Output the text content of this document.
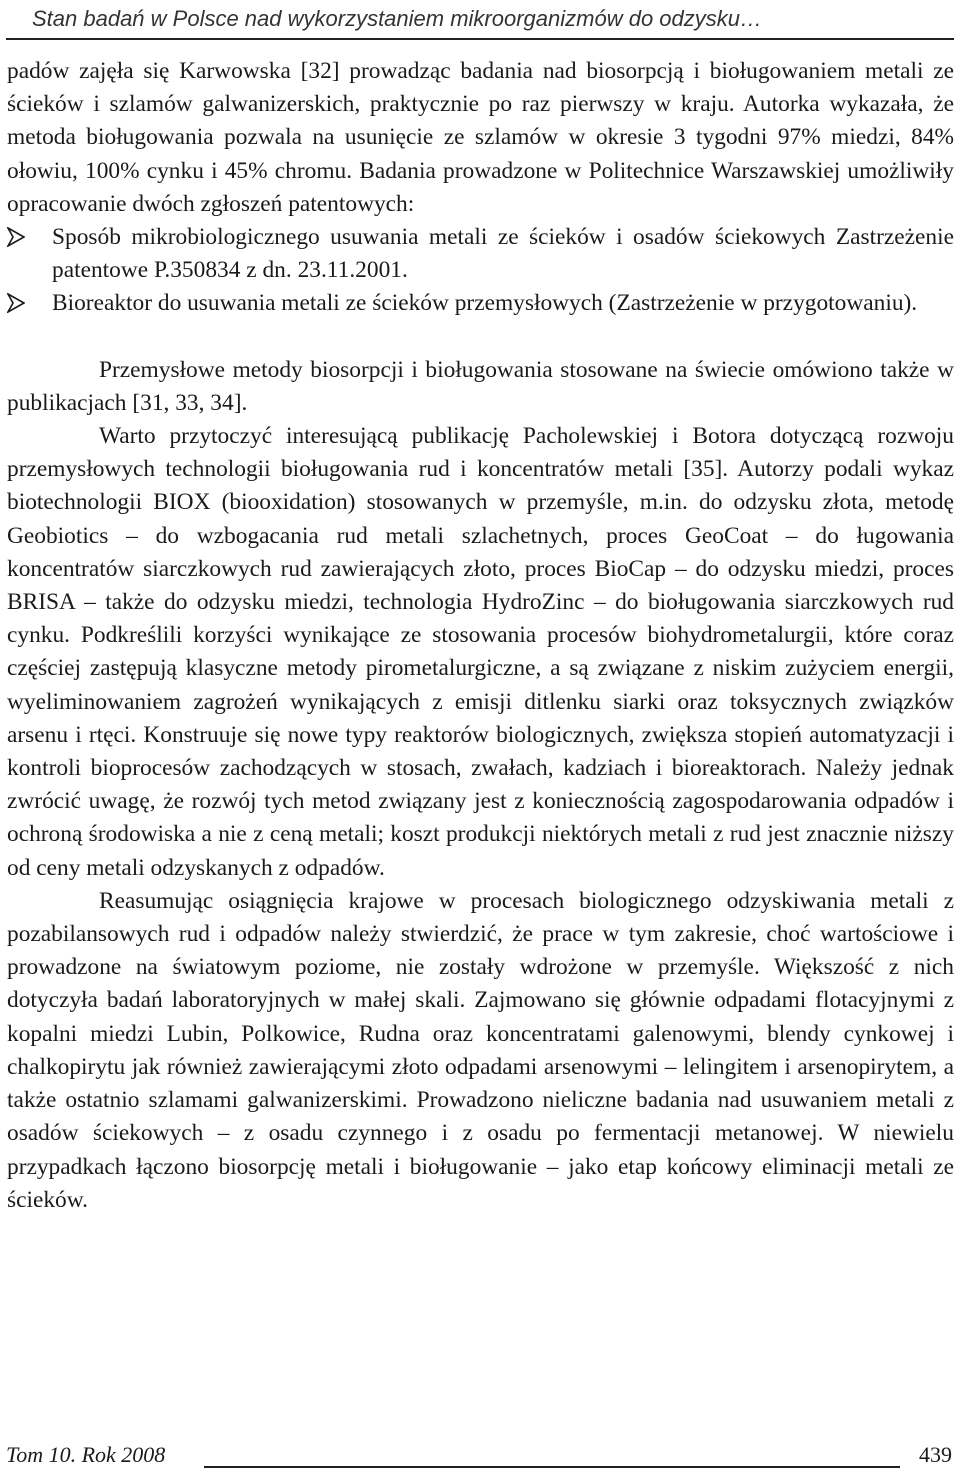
Stan badań w Polsce nad wykorzystaniem mikroorganizmów do odzysku…

padów zajęła się Karwowska [32] prowadząc badania nad biosorpcją i bioługowaniem metali ze ścieków i szlamów galwanizerskich, praktycznie po raz pierwszy w kraju. Autorka wykazała, że metoda bioługowania pozwala na usunięcie ze szlamów w okresie 3 tygodni 97% miedzi, 84% ołowiu, 100% cynku i 45% chromu. Badania prowadzone w Politechnice Warszawskiej umożliwiły opracowanie dwóch zgłoszeń patentowych:

Sposób mikrobiologicznego usuwania metali ze ścieków i osadów ściekowych Zastrzeżenie patentowe P.350834 z dn. 23.11.2001.
Bioreaktor do usuwania metali ze ścieków przemysłowych (Zastrzeżenie w przygotowaniu).

Przemysłowe metody biosorpcji i bioługowania stosowane na świecie omówiono także w publikacjach [31, 33, 34].

Warto przytoczyć interesującą publikację Pacholewskiej i Botora dotyczącą rozwoju przemysłowych technologii bioługowania rud i koncentratów metali [35]. Autorzy podali wykaz biotechnologii BIOX (biooxidation) stosowanych w przemyśle, m.in. do odzysku złota, metodę Geobiotics – do wzbogacania rud metali szlachetnych, proces GeoCoat – do ługowania koncentratów siarczkowych rud zawierających złoto, proces BioCap – do odzysku miedzi, proces BRISA – także do odzysku miedzi, technologia HydroZinc – do bioługowania siarczkowych rud cynku. Podkreślili korzyści wynikające ze stosowania procesów biohydrometalurgii, które coraz częściej zastępują klasyczne metody pirometalurgiczne, a są związane z niskim zużyciem energii, wyeliminowaniem zagrożeń wynikających z emisji ditlenku siarki oraz toksycznych związków arsenu i rtęci. Konstruuje się nowe typy reaktorów biologicznych, zwiększa stopień automatyzacji i kontroli bioprocesów zachodzących w stosach, zwałach, kadziach i bioreaktorach. Należy jednak zwrócić uwagę, że rozwój tych metod związany jest z koniecznością zagospodarowania odpadów i ochroną środowiska a nie z ceną metali; koszt produkcji niektórych metali z rud jest znacznie niższy od ceny metali odzyskanych z odpadów.

Reasumując osiągnięcia krajowe w procesach biologicznego odzyskiwania metali z pozabilansowych rud i odpadów należy stwierdzić, że prace w tym zakresie, choć wartościowe i prowadzone na światowym poziome, nie zostały wdrożone w przemyśle. Większość z nich dotyczyła badań laboratoryjnych w małej skali. Zajmowano się głównie odpadami flotacyjnymi z kopalni miedzi Lubin, Polkowice, Rudna oraz koncentratami galenowymi, blendy cynkowej i chalkopirytu jak również zawierającymi złoto odpadami arsenowymi – lelingitem i arsenopirytem, a także ostatnio szlamami galwanizerskimi. Prowadzono nieliczne badania nad usuwaniem metali z osadów ściekowych – z osadu czynnego i z osadu po fermentacji metanowej. W niewielu przypadkach łączono biosorpcję metali i bioługowanie – jako etap końcowy eliminacji metali ze ścieków.

Tom 10. Rok 2008	439
